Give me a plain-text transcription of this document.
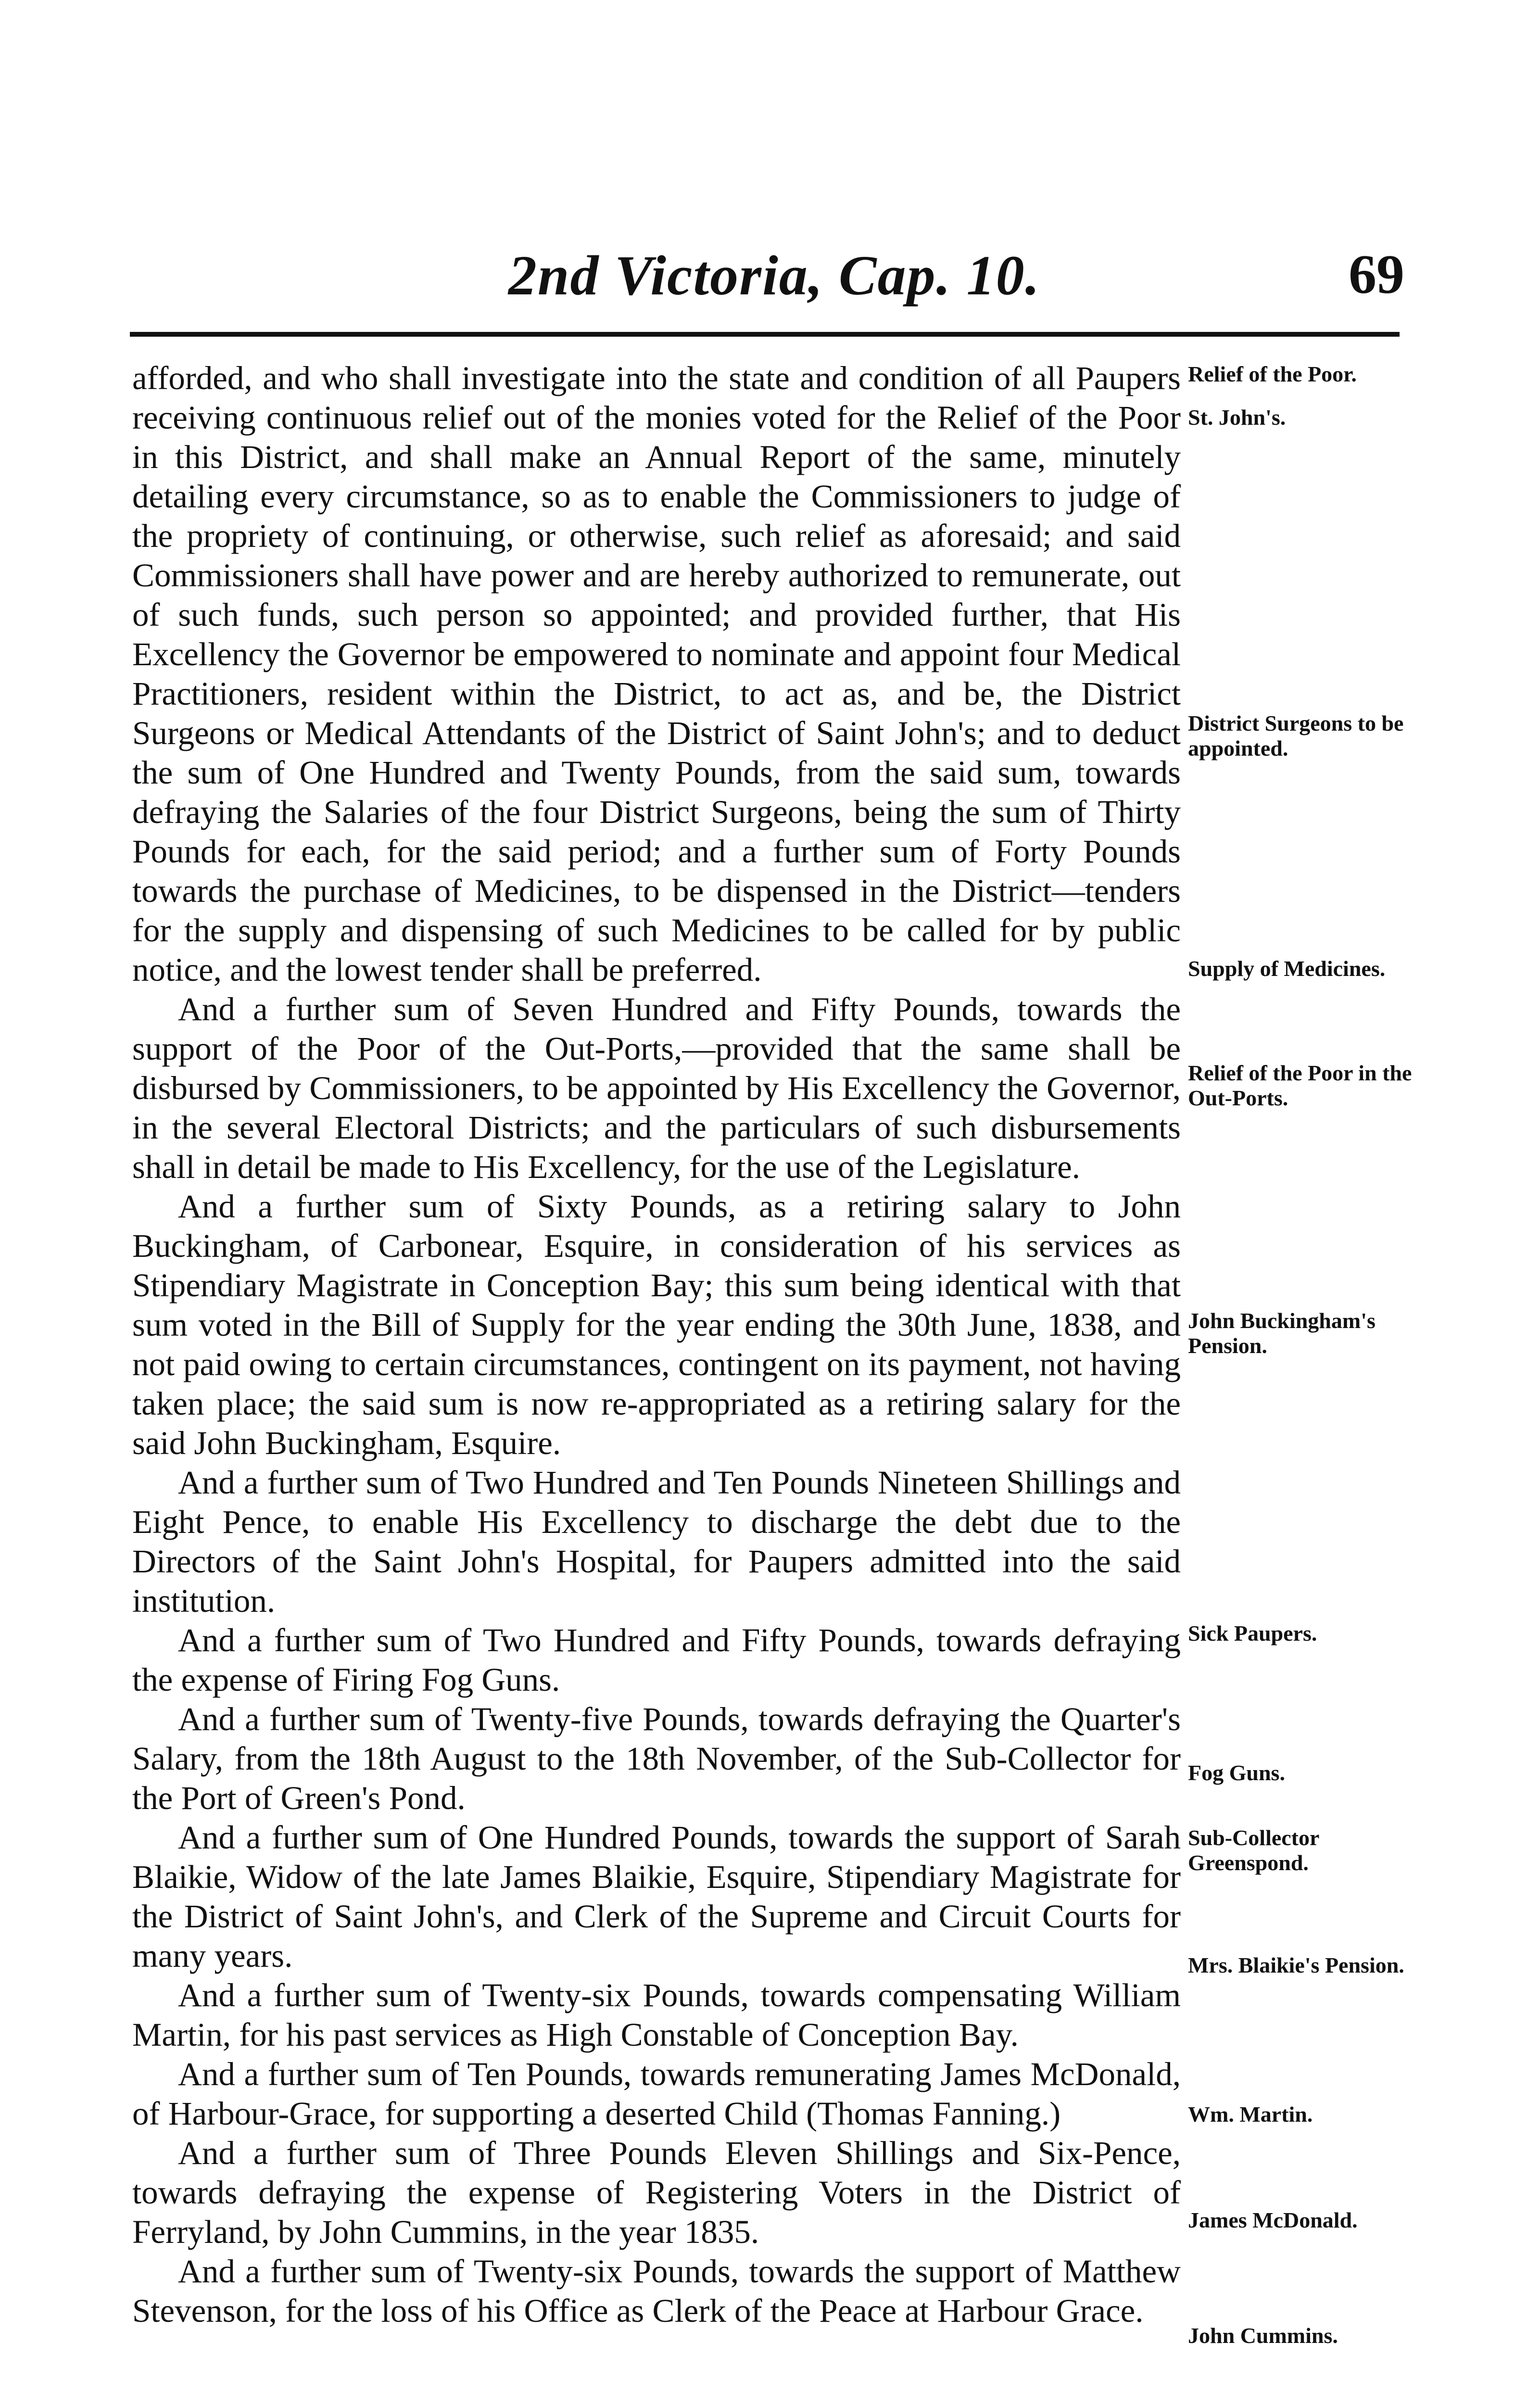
2nd Victoria, Cap. 10.	69

afforded, and who shall investigate into the state and condition of all Paupers receiving continuous relief out of the monies voted for the Relief of the Poor in this District, and shall make an Annual Report of the same, minutely detailing every circumstance, so as to enable the Commissioners to judge of the propriety of continuing, or otherwise, such relief as aforesaid; and said Commissioners shall have power and are hereby authorized to remunerate, out of such funds, such person so appointed; and provided further, that His Excellency the Governor be empowered to nominate and appoint four Medical Practitioners, resident within the District, to act as, and be, the District Surgeons or Medical Attendants of the District of Saint John's; and to deduct the sum of One Hundred and Twenty Pounds, from the said sum, towards defraying the Salaries of the four District Surgeons, being the sum of Thirty Pounds for each, for the said period; and a further sum of Forty Pounds towards the purchase of Medicines, to be dispensed in the District—tenders for the supply and dispensing of such Medicines to be called for by public notice, and the lowest tender shall be preferred.

And a further sum of Seven Hundred and Fifty Pounds, towards the support of the Poor of the Out-Ports,—provided that the same shall be disbursed by Commissioners, to be appointed by His Excellency the Governor, in the several Electoral Districts; and the particulars of such disbursements shall in detail be made to His Excellency, for the use of the Legislature.

And a further sum of Sixty Pounds, as a retiring salary to John Buckingham, of Carbonear, Esquire, in consideration of his services as Stipendiary Magistrate in Conception Bay; this sum being identical with that sum voted in the Bill of Supply for the year ending the 30th June, 1838, and not paid owing to certain circumstances, contingent on its payment, not having taken place; the said sum is now re-appropriated as a retiring salary for the said John Buckingham, Esquire.

And a further sum of Two Hundred and Ten Pounds Nineteen Shillings and Eight Pence, to enable His Excellency to discharge the debt due to the Directors of the Saint John's Hospital, for Paupers admitted into the said institution.

And a further sum of Two Hundred and Fifty Pounds, towards defraying the expense of Firing Fog Guns.

And a further sum of Twenty-five Pounds, towards defraying the Quarter's Salary, from the 18th August to the 18th November, of the Sub-Collector for the Port of Green's Pond.

And a further sum of One Hundred Pounds, towards the support of Sarah Blaikie, Widow of the late James Blaikie, Esquire, Stipendiary Magistrate for the District of Saint John's, and Clerk of the Supreme and Circuit Courts for many years.

And a further sum of Twenty-six Pounds, towards compensating William Martin, for his past services as High Constable of Conception Bay.

And a further sum of Ten Pounds, towards remunerating James McDonald, of Harbour-Grace, for supporting a deserted Child (Thomas Fanning.)

And a further sum of Three Pounds Eleven Shillings and Six-Pence, towards defraying the expense of Registering Voters in the District of Ferryland, by John Cummins, in the year 1835.

And a further sum of Twenty-six Pounds, towards the support of Matthew Stevenson, for the loss of his Office as Clerk of the Peace at Harbour Grace.

Relief of the Poor.
St. John's.
District Surgeons to be appointed.
Supply of Medicines.
Relief of the Poor in the Out-Ports.
John Buckingham's Pension.
Sick Paupers.
Fog Guns.
Sub-Collector Greenspond.
Mrs. Blaikie's Pension.
Wm. Martin.
James McDonald.
John Cummins.
